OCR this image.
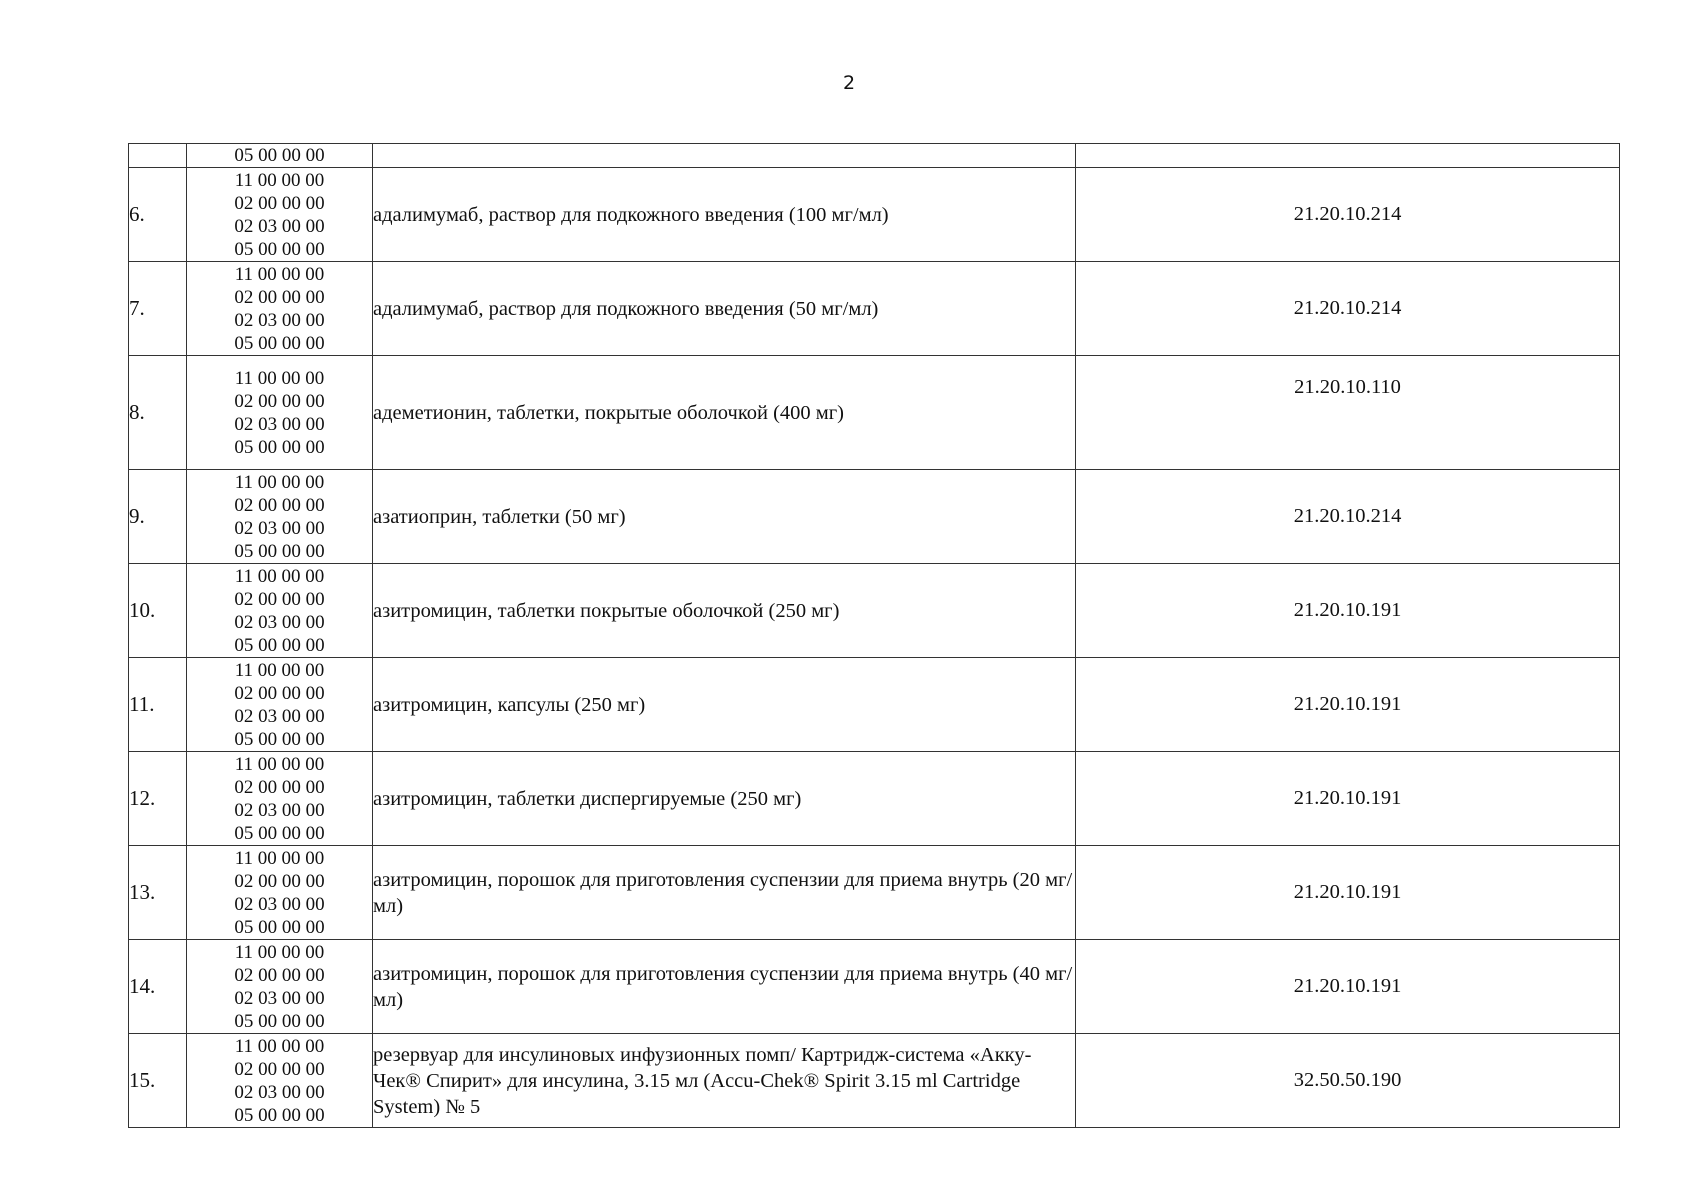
2

	05 00 00 00		

6.	11 00 00 00
02 00 00 00
02 03 00 00
05 00 00 00	адалимумаб, раствор для подкожного введения (100 мг/мл)	21.20.10.214
7.	11 00 00 00
02 00 00 00
02 03 00 00
05 00 00 00	адалимумаб, раствор для подкожного введения (50 мг/мл)	21.20.10.214
8.	11 00 00 00
02 00 00 00
02 03 00 00
05 00 00 00	адеметионин, таблетки, покрытые оболочкой (400 мг)	21.20.10.110
9.	11 00 00 00
02 00 00 00
02 03 00 00
05 00 00 00	азатиоприн, таблетки (50 мг)	21.20.10.214
10.	11 00 00 00
02 00 00 00
02 03 00 00
05 00 00 00	азитромицин, таблетки покрытые оболочкой (250 мг)	21.20.10.191
11.	11 00 00 00
02 00 00 00
02 03 00 00
05 00 00 00	азитромицин, капсулы (250 мг)	21.20.10.191
12.	11 00 00 00
02 00 00 00
02 03 00 00
05 00 00 00	азитромицин, таблетки диспергируемые (250 мг)	21.20.10.191
13.	11 00 00 00
02 00 00 00
02 03 00 00
05 00 00 00	азитромицин, порошок для приготовления суспензии для приема внутрь (20 мг/мл)	21.20.10.191
14.	11 00 00 00
02 00 00 00
02 03 00 00
05 00 00 00	азитромицин, порошок для приготовления суспензии для приема внутрь (40 мг/мл)	21.20.10.191
15.	11 00 00 00
02 00 00 00
02 03 00 00
05 00 00 00	резервуар для инсулиновых инфузионных помп/ Картридж-система «Акку-Чек® Спирит» для инсулина, 3.15 мл (Accu-Chek® Spirit 3.15 ml Cartridge System) № 5	32.50.50.190
